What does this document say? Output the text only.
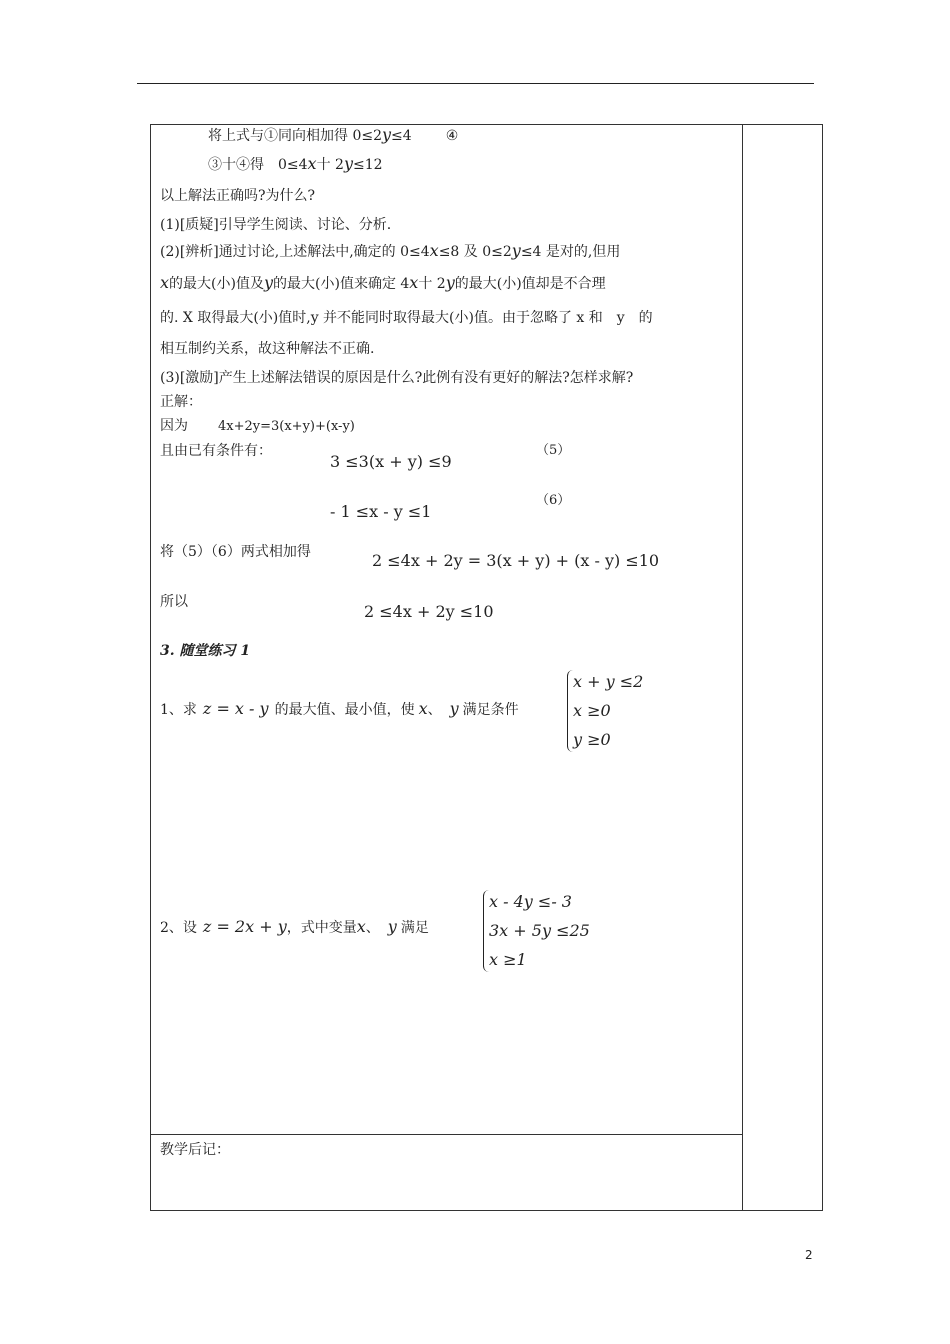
将上式与①同向相加得 0≤2y≤4 ④
③十④得　0≤4x十 2y≤12
以上解法正确吗?为什么?
(1)[质疑]引导学生阅读、讨论、分析.
(2)[辨析]通过讨论,上述解法中,确定的 0≤4x≤8 及 0≤2y≤4 是对的,但用
x的最大(小)值及y的最大(小)值来确定 4x十 2y的最大(小)值却是不合理
的. X 取得最大(小)值时,y 并不能同时取得最大(小)值。由于忽略了 x 和　y　的
相互制约关系，故这种解法不正确.
(3)[激励]产生上述解法错误的原因是什么?此例有没有更好的解法?怎样求解?
正解：
因为 4x+2y=3(x+y)+(x-y)
且由已有条件有：
3 ≤3(x + y) ≤9
（5）
- 1 ≤x - y ≤1
（6）
将（5）（6）两式相加得	2 ≤4x + 2y = 3(x + y) + (x - y) ≤10
所以	2 ≤4x + 2y ≤10
3. 随堂练习 1
1、求 z = x - y 的最大值、最小值，使 x、 y 满足条件
x + y ≤2
x ≥0
y ≥0
2、设 z = 2x + y，式中变量x、 y 满足
x - 4y ≤- 3
3x + 5y ≤25
x ≥1
教学后记：
2
